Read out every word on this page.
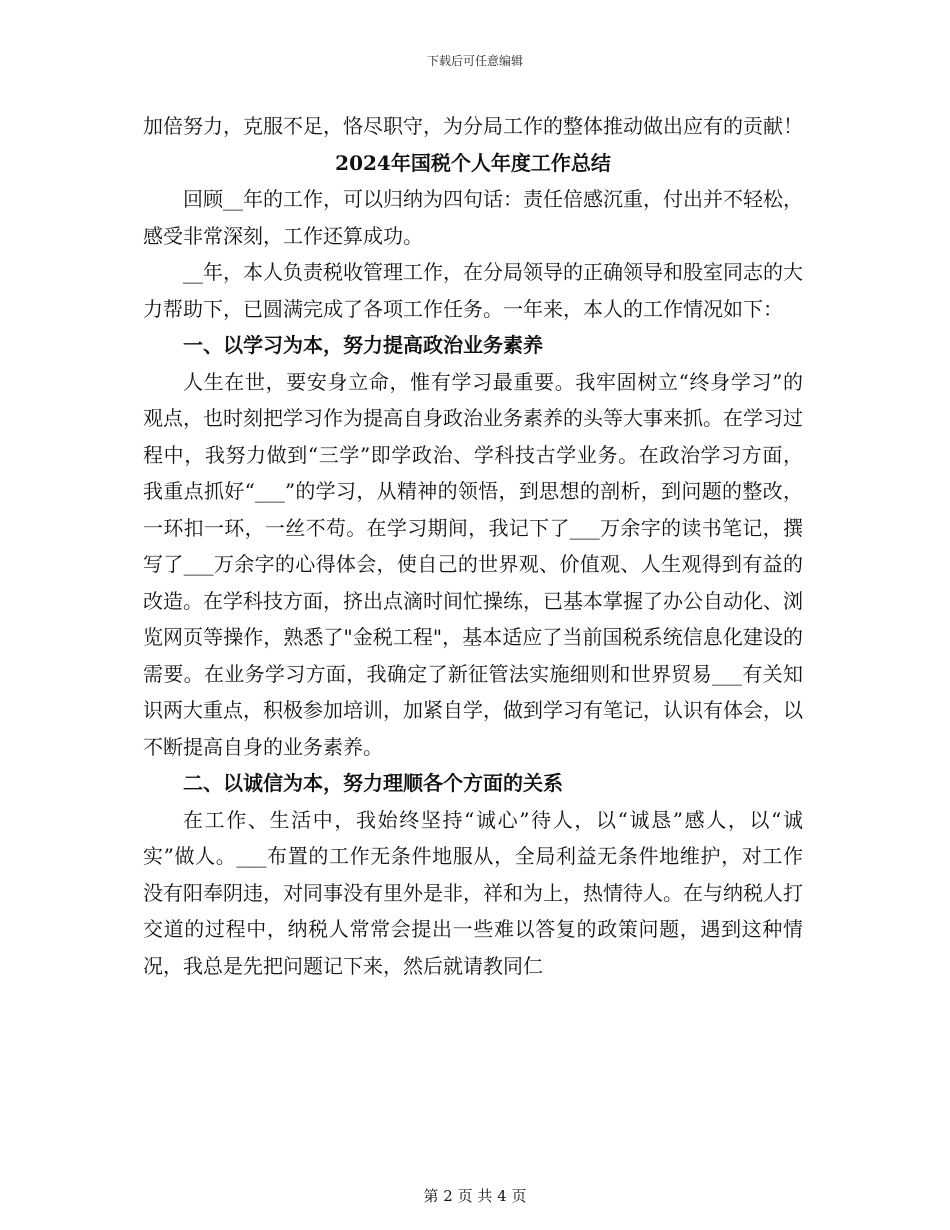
下载后可任意编辑

加倍努力，克服不足，恪尽职守，为分局工作的整体推动做出应有的贡献！

2024年国税个人年度工作总结

回顾__年的工作，可以归纳为四句话：责任倍感沉重，付出并不轻松，感受非常深刻，工作还算成功。

__年，本人负责税收管理工作，在分局领导的正确领导和股室同志的大力帮助下，已圆满完成了各项工作任务。一年来，本人的工作情况如下：

一、以学习为本，努力提高政治业务素养

人生在世，要安身立命，惟有学习最重要。我牢固树立“终身学习”的观点，也时刻把学习作为提高自身政治业务素养的头等大事来抓。在学习过程中，我努力做到“三学”即学政治、学科技古学业务。在政治学习方面，我重点抓好“___”的学习，从精神的领悟，到思想的剖析，到问题的整改，一环扣一环，一丝不苟。在学习期间，我记下了___万余字的读书笔记，撰写了___万余字的心得体会，使自己的世界观、价值观、人生观得到有益的改造。在学科技方面，挤出点滴时间忙操练，已基本掌握了办公自动化、浏览网页等操作，熟悉了"金税工程"，基本适应了当前国税系统信息化建设的需要。在业务学习方面，我确定了新征管法实施细则和世界贸易___有关知识两大重点，积极参加培训，加紧自学，做到学习有笔记，认识有体会，以不断提高自身的业务素养。

二、以诚信为本，努力理顺各个方面的关系

在工作、生活中，我始终坚持“诚心”待人，以“诚恳”感人，以“诚实”做人。___布置的工作无条件地服从，全局利益无条件地维护，对工作没有阳奉阴违，对同事没有里外是非，祥和为上，热情待人。在与纳税人打交道的过程中，纳税人常常会提出一些难以答复的政策问题，遇到这种情况，我总是先把问题记下来，然后就请教同仁

第 2 页 共 4 页
